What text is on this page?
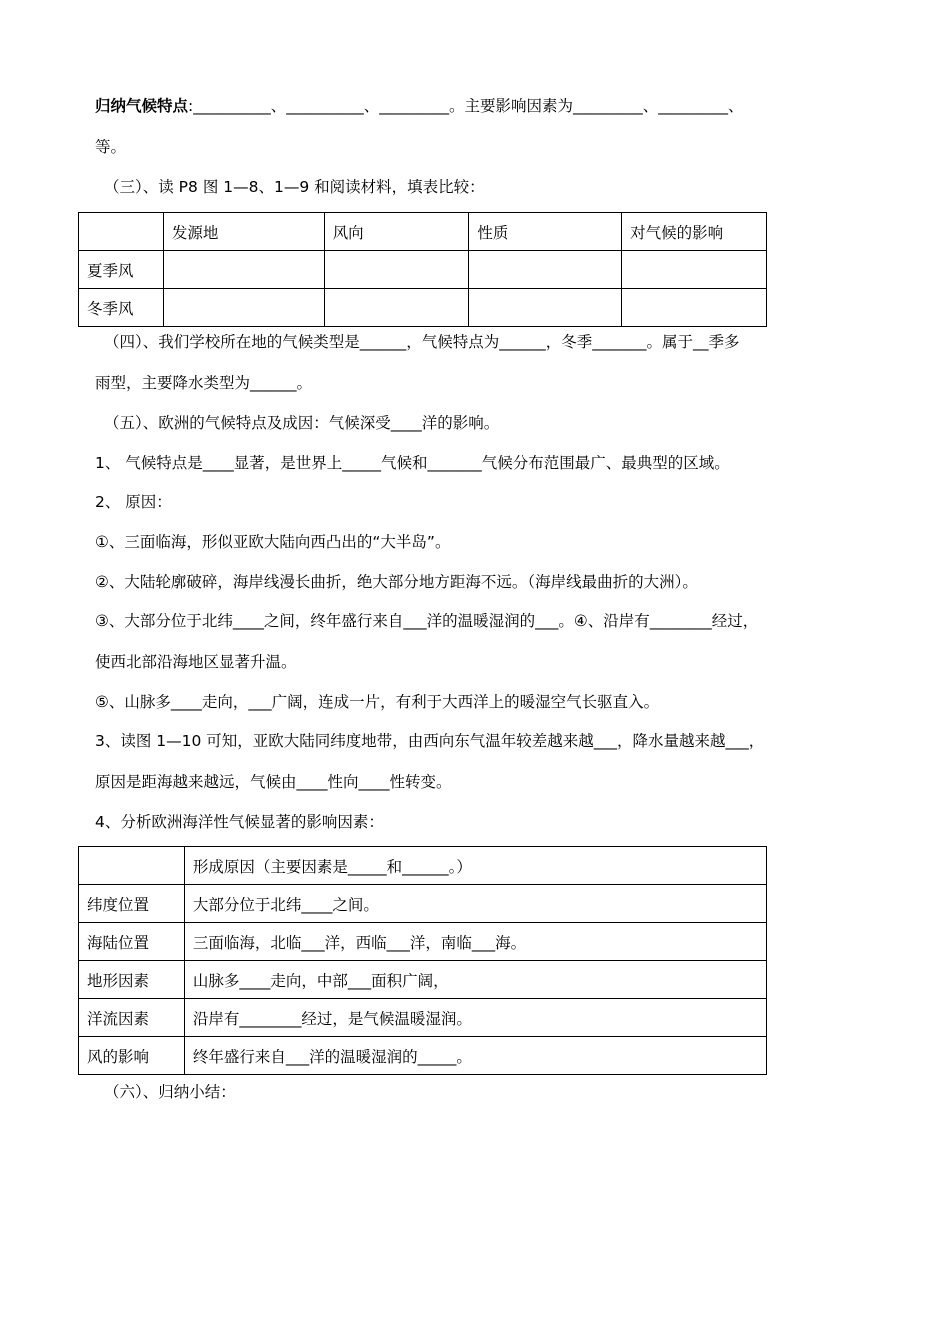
归纳气候特点:__________、__________、_________。主要影响因素为_________、_________、
等。
（三）、读 P8 图 1—8、1—9 和阅读材料，填表比较：
	发源地	风向	性质	对气候的影响
夏季风				
冬季风				
（四）、我们学校所在地的气候类型是______，气候特点为______，冬季_______。属于__季多
雨型，主要降水类型为______。
（五）、欧洲的气候特点及成因：气候深受____洋的影响。
1、 气候特点是____显著，是世界上_____气候和_______气候分布范围最广、最典型的区域。
2、 原因：
①、三面临海，形似亚欧大陆向西凸出的“大半岛”。
②、大陆轮廓破碎，海岸线漫长曲折，绝大部分地方距海不远。（海岸线最曲折的大洲）。
③、大部分位于北纬____之间，终年盛行来自___洋的温暖湿润的___。④、沿岸有________经过，
使西北部沿海地区显著升温。
⑤、山脉多____走向，___广阔，连成一片，有利于大西洋上的暖湿空气长驱直入。
3、读图 1—10 可知，亚欧大陆同纬度地带，由西向东气温年较差越来越___，降水量越来越___，
原因是距海越来越远，气候由____性向____性转变。
4、分析欧洲海洋性气候显著的影响因素：
	形成原因（主要因素是_____和______。）
纬度位置	大部分位于北纬____之间。
海陆位置	三面临海，北临___洋，西临___洋，南临___海。
地形因素	山脉多____走向，中部___面积广阔，
洋流因素	沿岸有________经过，是气候温暖湿润。
风的影响	终年盛行来自___洋的温暖湿润的_____。
（六）、归纳小结：
